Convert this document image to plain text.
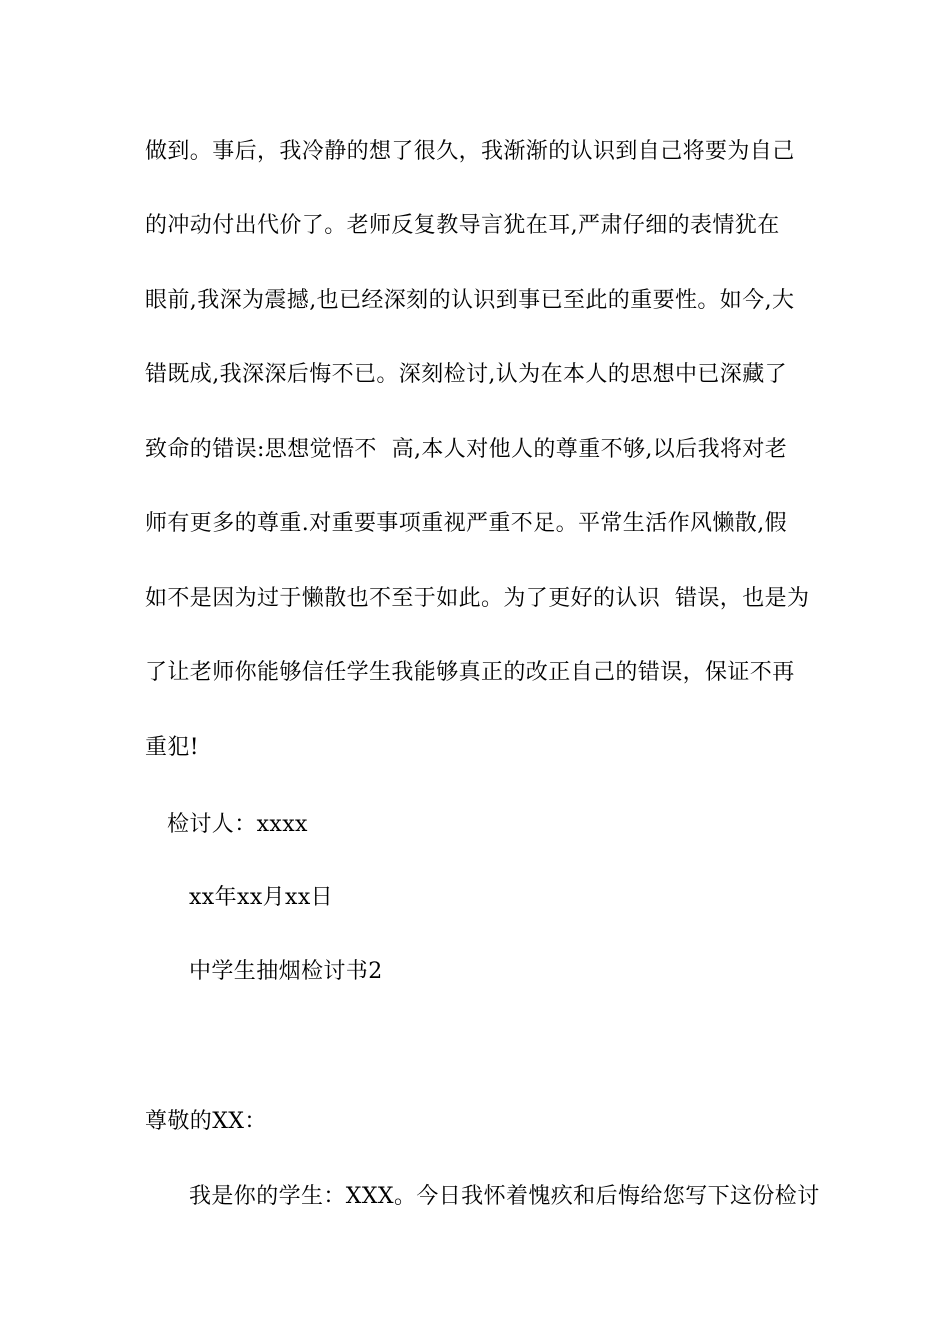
做到。事后，我冷静的想了很久，我渐渐的认识到自己将要为自己
的冲动付出代价了。老师反复教导言犹在耳,严肃仔细的表情犹在
眼前,我深为震撼,也已经深刻的认识到事已至此的重要性。如今,大
错既成,我深深后悔不已。深刻检讨,认为在本人的思想中已深藏了
致命的错误:思想觉悟不  高,本人对他人的尊重不够,以后我将对老
师有更多的尊重.对重要事项重视严重不足。平常生活作风懒散,假
如不是因为过于懒散也不至于如此。为了更好的认识  错误，也是为
了让老师你能够信任学生我能够真正的改正自己的错误，保证不再
重犯!
检讨人：xxxx
xx年xx月xx日
中学生抽烟检讨书2
尊敬的XX：
我是你的学生：XXX。今日我怀着愧疚和后悔给您写下这份检讨
